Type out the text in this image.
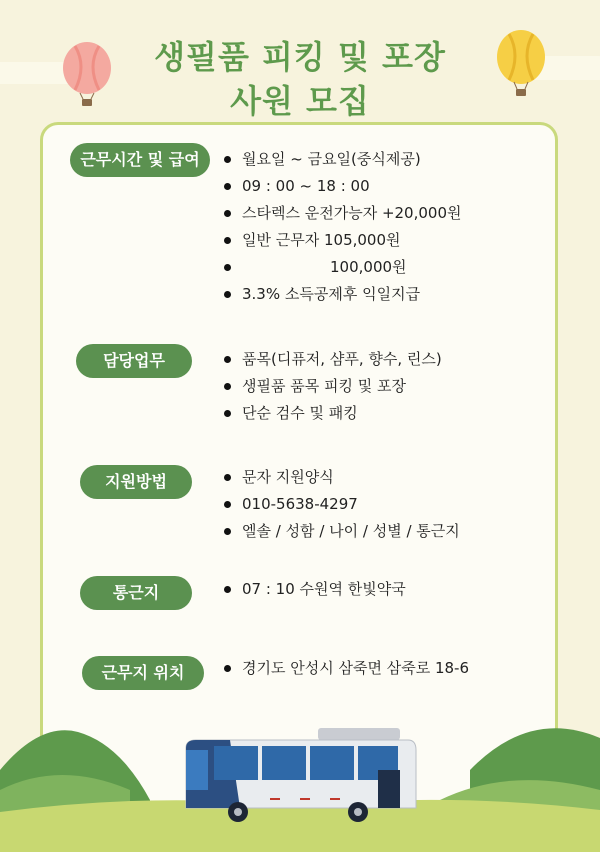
생필품 피킹 및 포장
사원 모집
근무시간 및 급여	월요일 ~ 금요일(중식제공)
09 : 00 ~ 18 : 00
스타렉스 운전가능자 +20,000원
일반 근무자 105,000원
100,000원
3.3% 소득공제후 익일지급
담당업무	품목(디퓨저, 샴푸, 향수, 린스)
생필품 품목 피킹 및 포장
단순 검수 및 패킹
지원방법	문자 지원양식
010-5638-4297
엘솔 / 성함 / 나이 / 성별 / 통근지
통근지	07 : 10 수원역 한빛약국
근무지 위치	경기도 안성시 삼죽면 삼죽로 18-6
